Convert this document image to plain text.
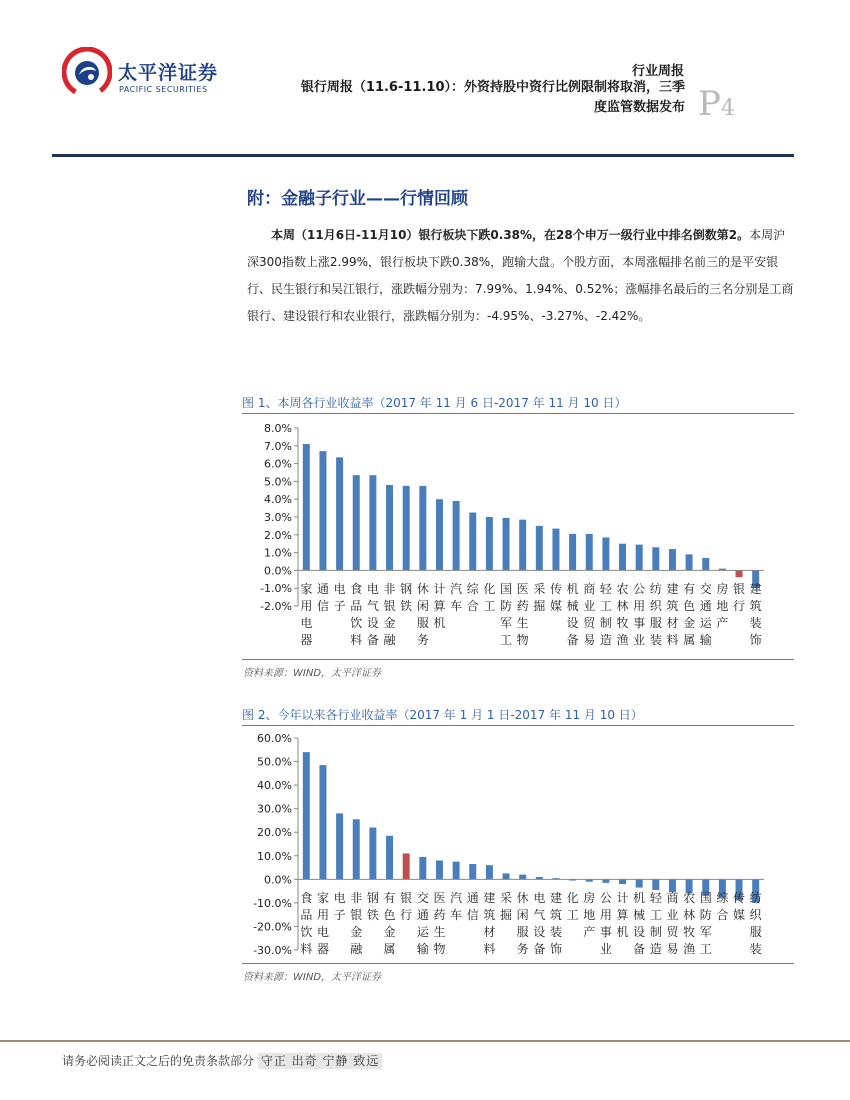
太平洋证券
PACIFIC SECURITIES
行业周报
银行周报（11.6-11.10）：外资持股中资行比例限制将取消，三季
度监管数据发布 P4
附：金融子行业——行情回顾
本周（11月6日-11月10）银行板块下跌0.38%，在28个申万一级行业中排名倒数第2。本周沪深300指数上涨2.99%，银行板块下跌0.38%，跑输大盘。个股方面，本周涨幅排名前三的是平安银行、民生银行和吴江银行，涨跌幅分别为：7.99%、1.94%、0.52%；涨幅排名最后的三名分别是工商银行、建设银行和农业银行，涨跌幅分别为：-4.95%、-3.27%、-2.42%。
图 1、本周各行业收益率（2017 年 11 月 6 日-2017 年 11 月 10 日）
8.0%
7.0%
6.0%
5.0%
4.0%
3.0%
2.0%
1.0%
0.0%
-1.0%
-2.0%
家用电器
通信
电子
食品饮料
电气设备
非银金融
钢铁
休闲服务
计算机
汽车
综合
化工
国防军工
医药生物
采掘
传媒
机械设备
商业贸易
轻工制造
农林牧渔
公用事业
纺织服装
建筑材料
有色金属
交通运输
房地产
银行
建筑装饰
资料来源：WIND，太平洋证券
图 2、今年以来各行业收益率（2017 年 1 月 1 日-2017 年 11 月 10 日）
60.0%
50.0%
40.0%
30.0%
20.0%
10.0%
0.0%
-10.0%
-20.0%
-30.0%
食品饮料
家用电器
电子
非银金融
钢铁
有色金属
银行
交通运输
医药生物
汽车
通信
建筑材料
采掘
休闲服务
电气设备
建筑装饰
化工
房地产
公用事业
计算机
机械设备
轻工制造
商业贸易
农林牧渔
国防军工
综合
传媒
纺织服装
资料来源：WIND，太平洋证券
请务必阅读正文之后的免责条款部分 守正 出奇 宁静 致远
